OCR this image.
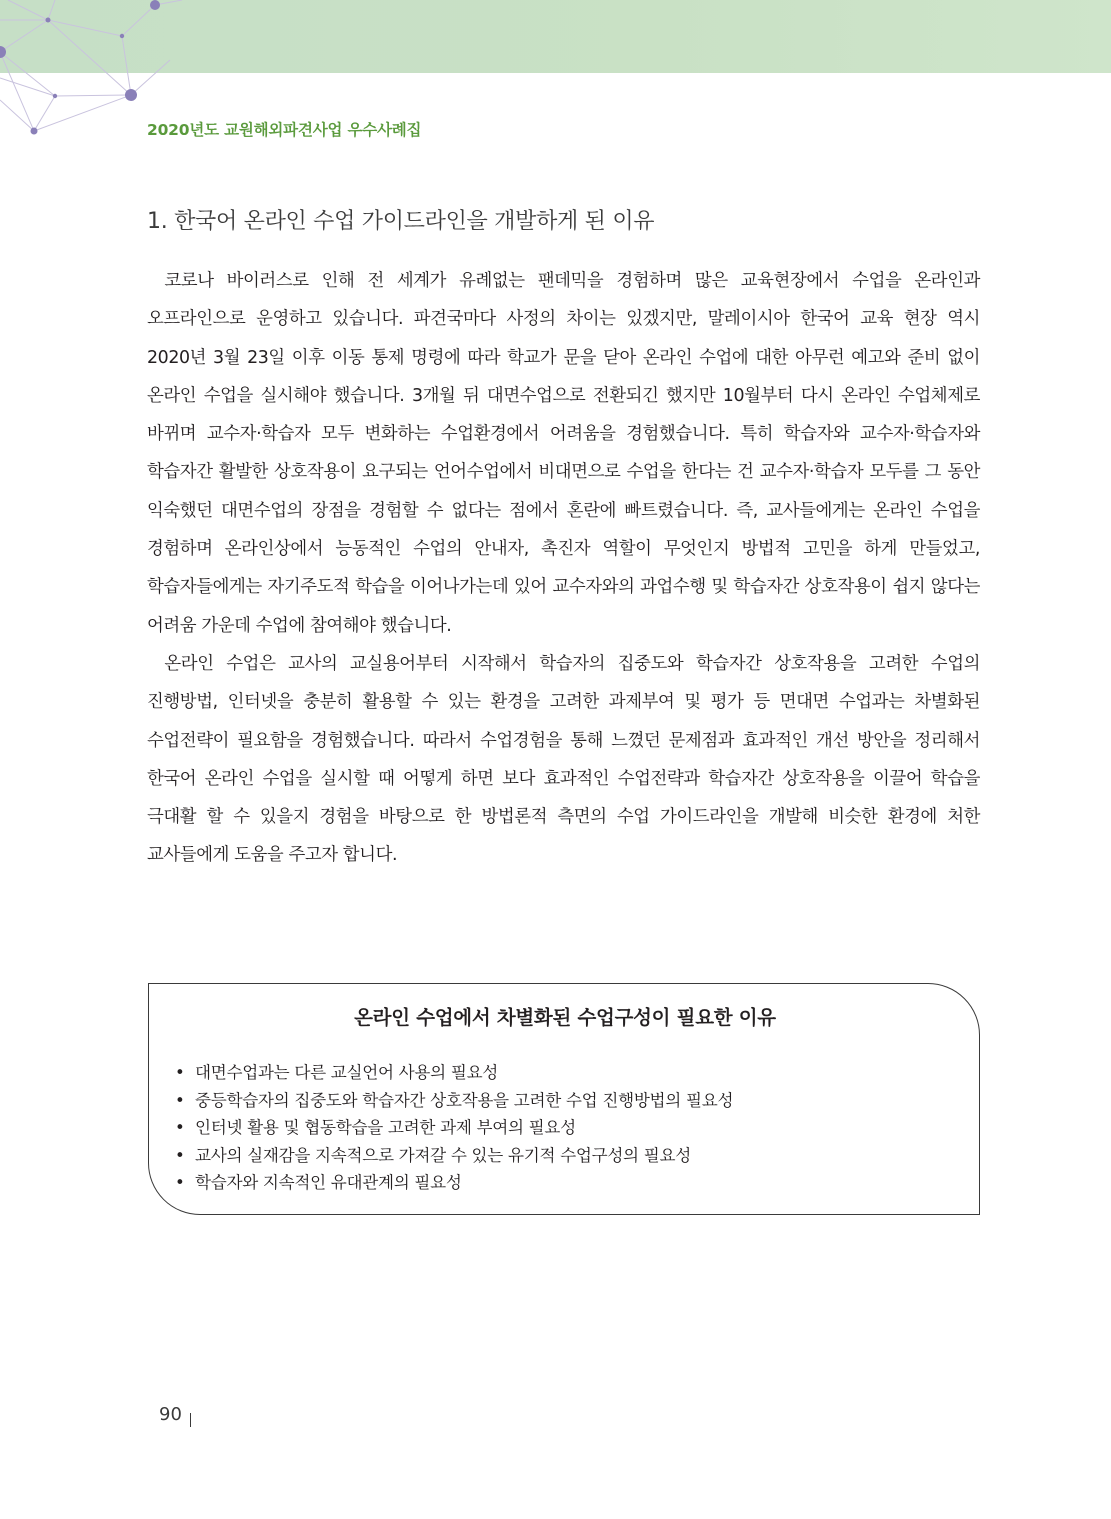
2020년도 교원해외파견사업 우수사례집
1. 한국어 온라인 수업 가이드라인을 개발하게 된 이유

코로나 바이러스로 인해 전 세계가 유례없는 팬데믹을 경험하며 많은 교육현장에서 수업을 온라인과 오프라인으로 운영하고 있습니다. 파견국마다 사정의 차이는 있겠지만, 말레이시아 한국어 교육 현장 역시 2020년 3월 23일 이후 이동 통제 명령에 따라 학교가 문을 닫아 온라인 수업에 대한 아무런 예고와 준비 없이 온라인 수업을 실시해야 했습니다. 3개월 뒤 대면수업으로 전환되긴 했지만 10월부터 다시 온라인 수업체제로 바뀌며 교수자·학습자 모두 변화하는 수업환경에서 어려움을 경험했습니다. 특히 학습자와 교수자·학습자와 학습자간 활발한 상호작용이 요구되는 언어수업에서 비대면으로 수업을 한다는 건 교수자·학습자 모두를 그 동안 익숙했던 대면수업의 장점을 경험할 수 없다는 점에서 혼란에 빠트렸습니다. 즉, 교사들에게는 온라인 수업을 경험하며 온라인상에서 능동적인 수업의 안내자, 촉진자 역할이 무엇인지 방법적 고민을 하게 만들었고, 학습자들에게는 자기주도적 학습을 이어나가는데 있어 교수자와의 과업수행 및 학습자간 상호작용이 쉽지 않다는 어려움 가운데 수업에 참여해야 했습니다.

온라인 수업은 교사의 교실용어부터 시작해서 학습자의 집중도와 학습자간 상호작용을 고려한 수업의 진행방법, 인터넷을 충분히 활용할 수 있는 환경을 고려한 과제부여 및 평가 등 면대면 수업과는 차별화된 수업전략이 필요함을 경험했습니다. 따라서 수업경험을 통해 느꼈던 문제점과 효과적인 개선 방안을 정리해서 한국어 온라인 수업을 실시할 때 어떻게 하면 보다 효과적인 수업전략과 학습자간 상호작용을 이끌어 학습을 극대활 할 수 있을지 경험을 바탕으로 한 방법론적 측면의 수업 가이드라인을 개발해 비슷한 환경에 처한 교사들에게 도움을 주고자 합니다.

온라인 수업에서 차별화된 수업구성이 필요한 이유
• 대면수업과는 다른 교실언어 사용의 필요성
• 중등학습자의 집중도와 학습자간 상호작용을 고려한 수업 진행방법의 필요성
• 인터넷 활용 및 협동학습을 고려한 과제 부여의 필요성
• 교사의 실재감을 지속적으로 가져갈 수 있는 유기적 수업구성의 필요성
• 학습자와 지속적인 유대관계의 필요성
90
